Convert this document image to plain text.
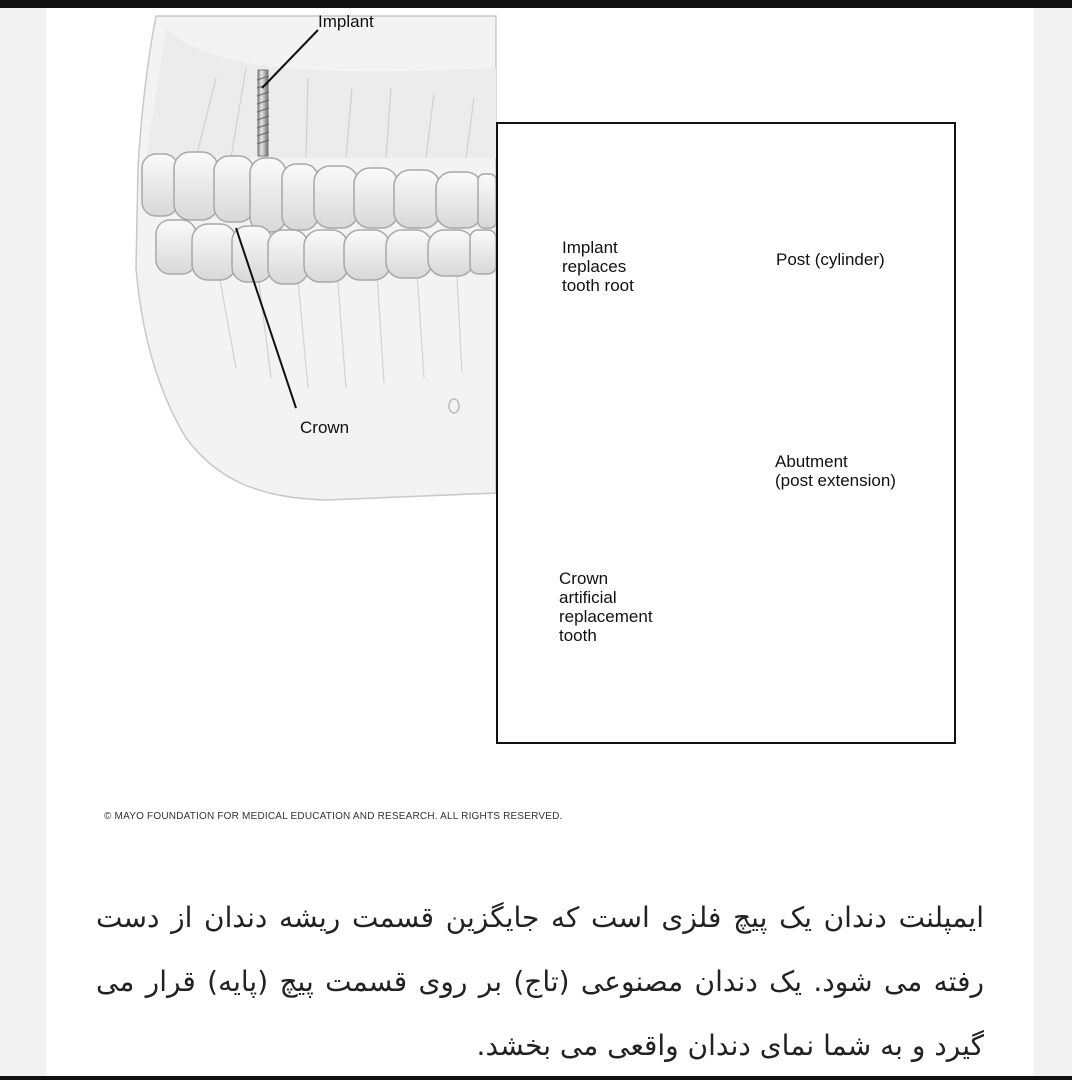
Implant
Crown
Implant
replaces
tooth root
Post (cylinder)
Abutment
(post extension)
Crown
artificial
replacement
tooth
© MAYO FOUNDATION FOR MEDICAL EDUCATION AND RESEARCH. ALL RIGHTS RESERVED.

ایمپلنت دندان یک پیچ فلزی است که جایگزین قسمت ریشه دندان از دست رفته می شود. یک دندان مصنوعی (تاج) بر روی قسمت پیچ (پایه) قرار می گیرد و به شما نمای دندان واقعی می بخشد.
